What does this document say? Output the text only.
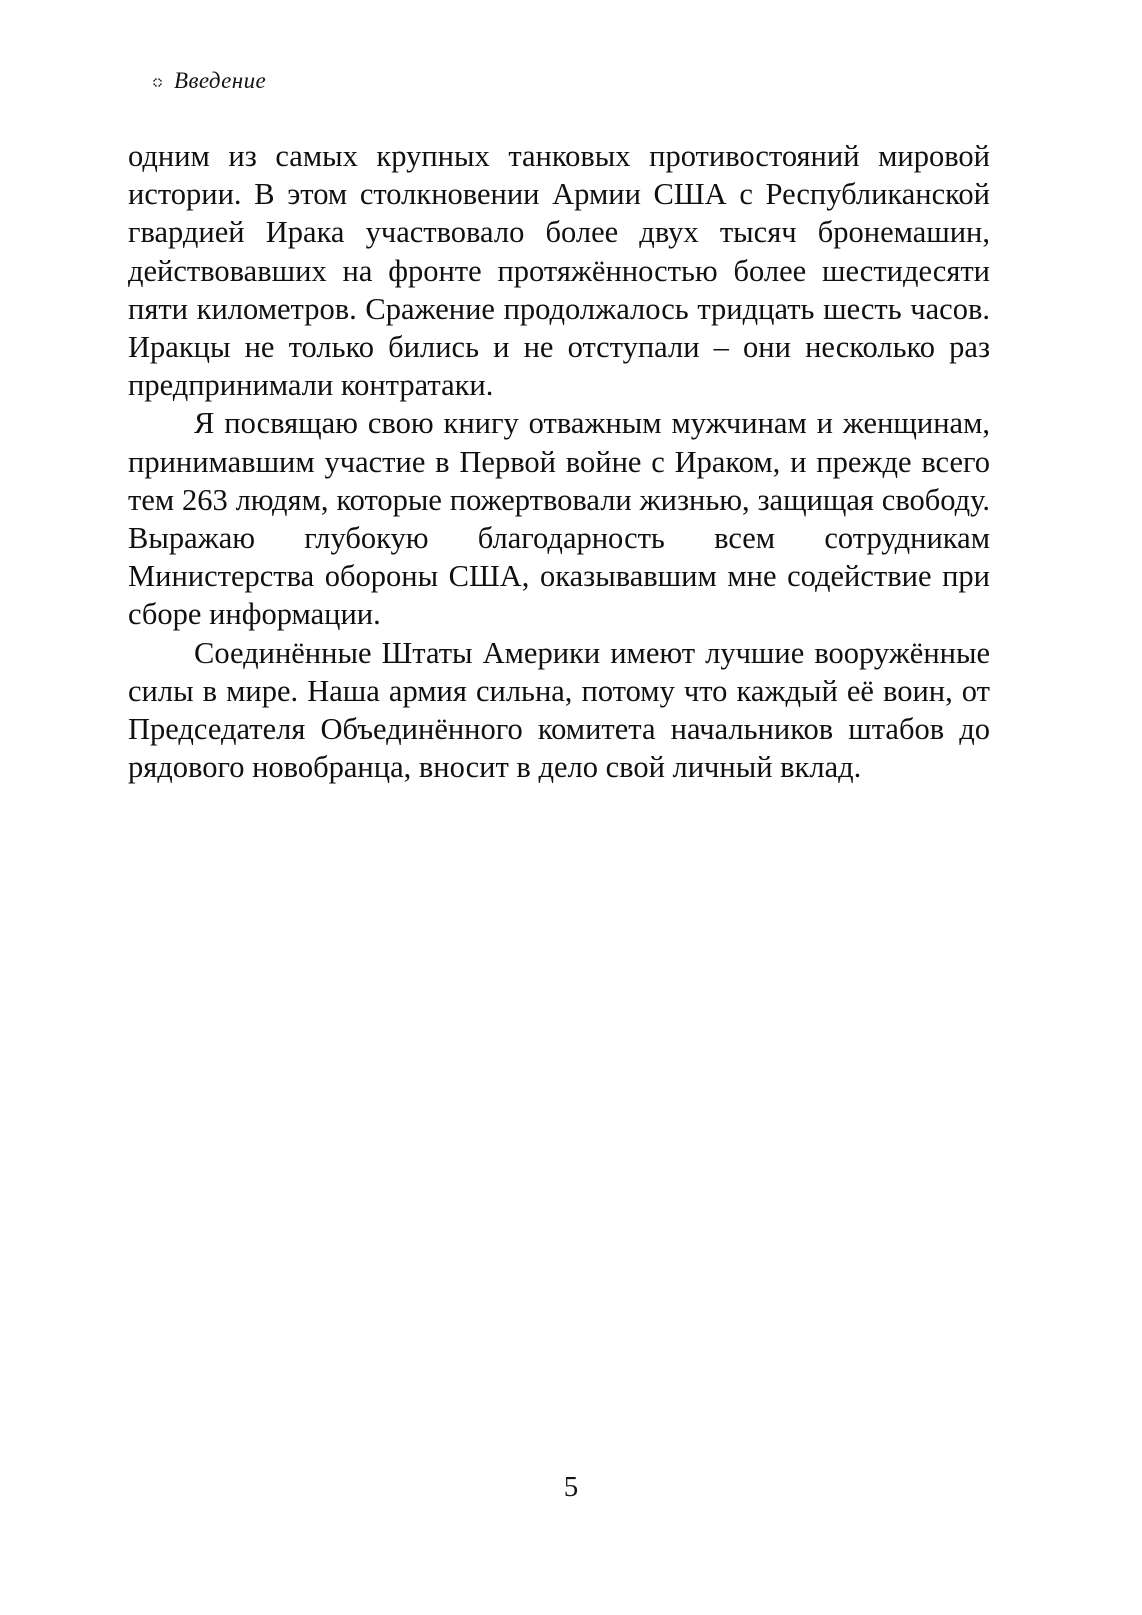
Введение

одним из самых крупных танковых противостояний мировой истории. В этом столкновении Армии США с Республиканской гвардией Ирака участвовало более двух тысяч бронемашин, действовавших на фронте протяжённостью более шестидесяти пяти километров. Сражение продолжалось тридцать шесть часов. Иракцы не только бились и не отступали – они несколько раз предпринимали контратаки.

Я посвящаю свою книгу отважным мужчинам и женщинам, принимавшим участие в Первой войне с Ираком, и прежде всего тем 263 людям, которые пожертвовали жизнью, защищая свободу. Выражаю глубокую благодарность всем сотрудникам Министерства обороны США, оказывавшим мне содействие при сборе информации.

Соединённые Штаты Америки имеют лучшие вооружённые силы в мире. Наша армия сильна, потому что каждый её воин, от Председателя Объединённого комитета начальников штабов до рядового новобранца, вносит в дело свой личный вклад.

5
